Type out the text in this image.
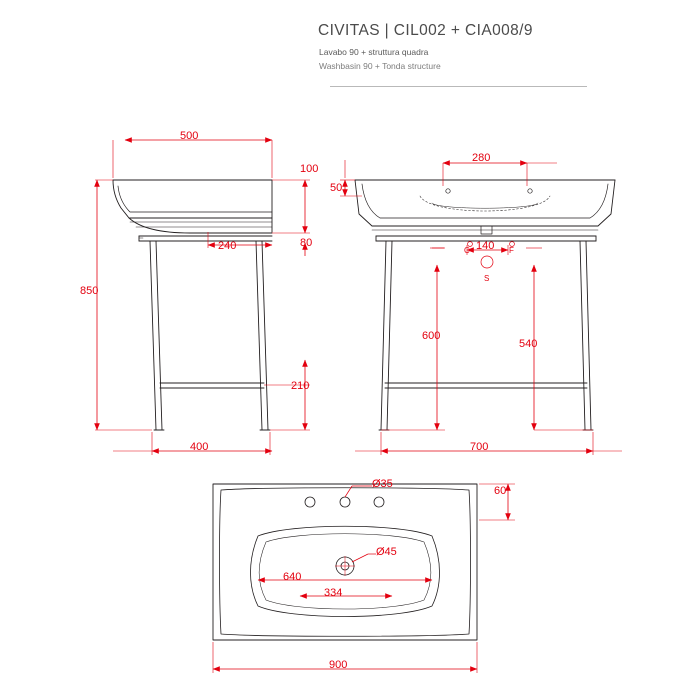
CIVITAS | CIL002 + CIA008/9
Lavabo 90 + struttura quadra
Washbasin 90 + Tonda structure
500
240
850
100
80
210
400
280
50
140
600
540
700
C	F
S
Ø35
Ø45
640
334
900
60
